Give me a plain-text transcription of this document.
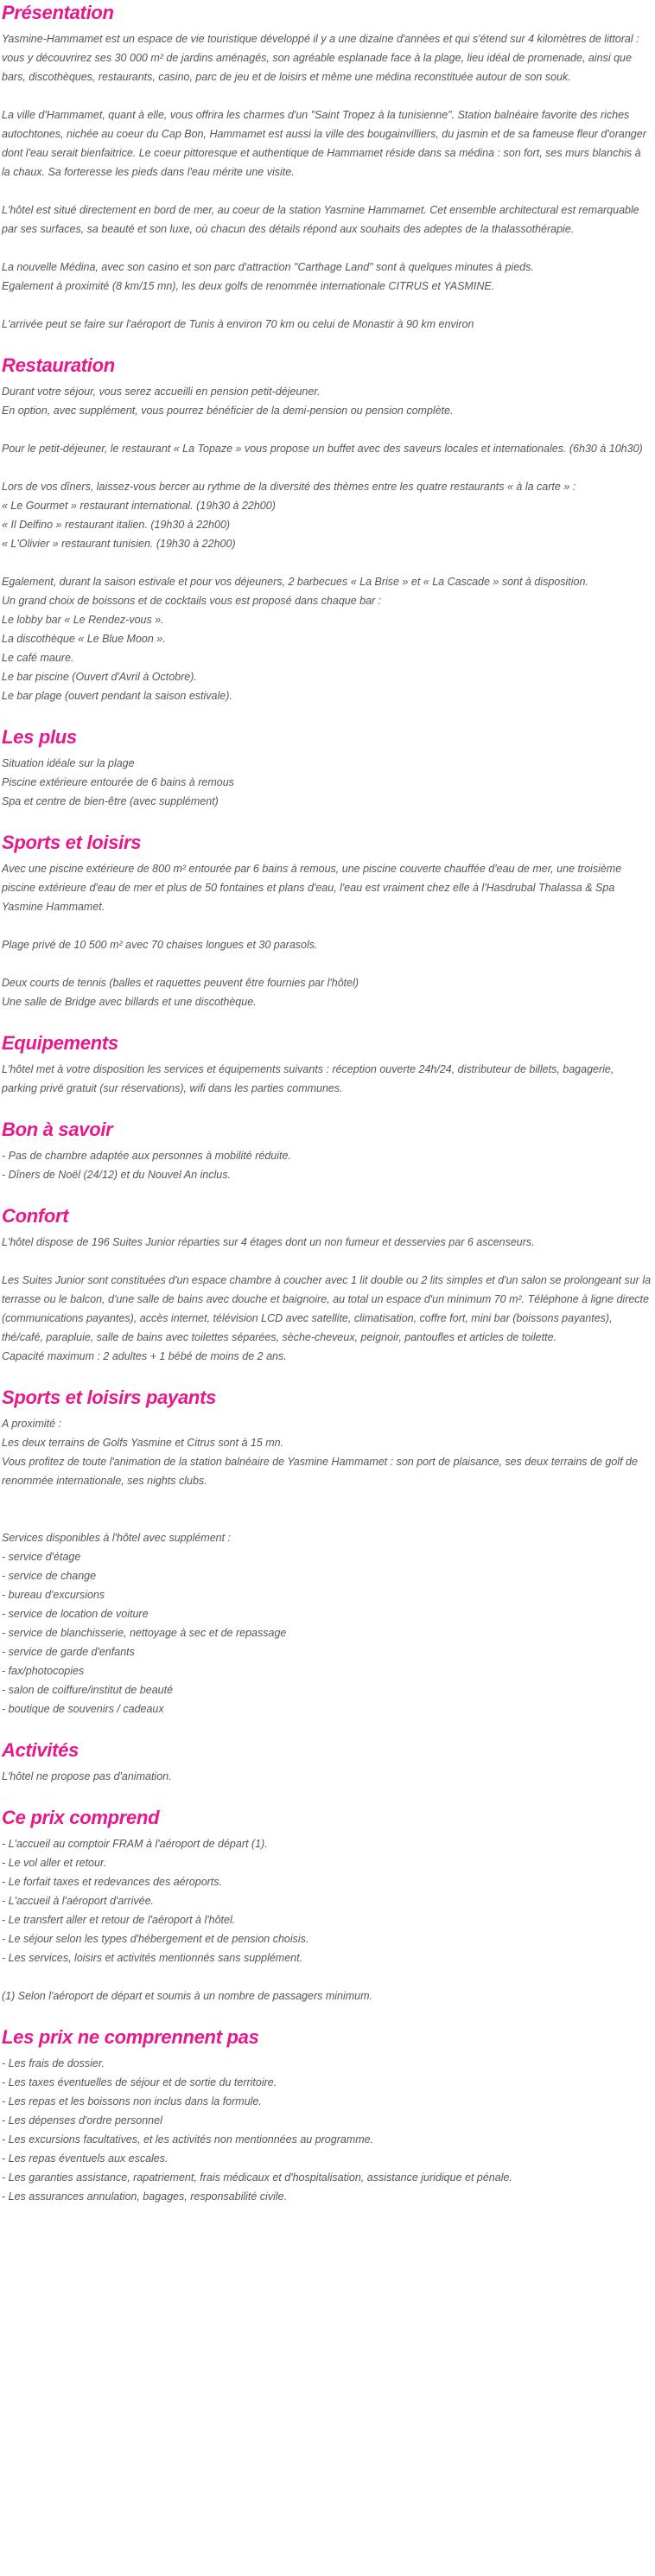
Présentation
Yasmine-Hammamet est un espace de vie touristique développé il y a une dizaine d'années et qui s'étend sur 4 kilomètres de littoral : vous y découvrirez ses 30 000 m² de jardins aménagés, son agréable esplanade face à la plage, lieu idéal de promenade, ainsi que bars, discothèques, restaurants, casino, parc de jeu et de loisirs et même une médina reconstituée autour de son souk.

La ville d'Hammamet, quant à elle, vous offrira les charmes d'un "Saint Tropez à la tunisienne". Station balnéaire favorite des riches autochtones, nichée au coeur du Cap Bon, Hammamet est aussi la ville des bougainvilliers, du jasmin et de sa fameuse fleur d'oranger dont l'eau serait bienfaitrice. Le coeur pittoresque et authentique de Hammamet réside dans sa médina : son fort, ses murs blanchis à la chaux. Sa forteresse les pieds dans l'eau mérite une visite.

L'hôtel est situé directement en bord de mer, au coeur de la station Yasmine Hammamet. Cet ensemble architectural est remarquable par ses surfaces, sa beauté et son luxe, où chacun des détails répond aux souhaits des adeptes de la thalassothérapie.

La nouvelle Médina, avec son casino et son parc d'attraction "Carthage Land" sont à quelques minutes à pieds.
Egalement à proximité (8 km/15 mn), les deux golfs de renommée internationale CITRUS et YASMINE.

L'arrivée peut se faire sur l'aéroport de Tunis à environ 70 km ou celui de Monastir à 90 km environ
Restauration
Durant votre séjour, vous serez accueilli en pension petit-déjeuner.
En option, avec supplément, vous pourrez bénéficier de la demi-pension ou pension complète.

Pour le petit-déjeuner, le restaurant « La Topaze » vous propose un buffet avec des saveurs locales et internationales. (6h30 à 10h30)

Lors de vos dîners, laissez-vous bercer au rythme de la diversité des thèmes entre les quatre restaurants « à la carte » :
« Le Gourmet » restaurant international. (19h30 à 22h00)
« Il Delfino » restaurant italien. (19h30 à 22h00)
« L'Olivier » restaurant tunisien. (19h30 à 22h00)

Egalement, durant la saison estivale et pour vos déjeuners, 2 barbecues « La Brise » et « La Cascade » sont à disposition.
Un grand choix de boissons et de cocktails vous est proposé dans chaque bar :
Le lobby bar « Le Rendez-vous ».
La discothèque « Le Blue Moon ».
Le café maure.
Le bar piscine (Ouvert d'Avril à Octobre).
Le bar plage (ouvert pendant la saison estivale).
Les plus
Situation idéale sur la plage
Piscine extérieure entourée de 6 bains à remous
Spa et centre de bien-être (avec supplément)
Sports et loisirs
Avec une piscine extérieure de 800 m² entourée par 6 bains à remous, une piscine couverte chauffée d'eau de mer, une troisième piscine extérieure d'eau de mer et plus de 50 fontaines et plans d'eau, l'eau est vraiment chez elle à l'Hasdrubal Thalassa & Spa Yasmine Hammamet.

Plage privé de 10 500 m² avec 70 chaises longues et 30 parasols.

Deux courts de tennis (balles et raquettes peuvent être fournies par l'hôtel)
Une salle de Bridge avec billards et une discothèque.
Equipements
L'hôtel met à votre disposition les services et équipements suivants : réception ouverte 24h/24, distributeur de billets, bagagerie, parking privé gratuit (sur réservations), wifi dans les parties communes.
Bon à savoir
- Pas de chambre adaptée aux personnes à mobilité réduite.
- Dîners de Noël (24/12) et du Nouvel An inclus.
Confort
L'hôtel dispose de 196 Suites Junior réparties sur 4 étages dont un non fumeur et desservies par 6 ascenseurs.

Les Suites Junior sont constituées d'un espace chambre à coucher avec 1 lit double ou 2 lits simples et d'un salon se prolongeant sur la terrasse ou le balcon, d'une salle de bains avec douche et baignoire, au total un espace d'un minimum 70 m². Téléphone à ligne directe (communications payantes), accès internet, télévision LCD avec satellite, climatisation, coffre fort, mini bar (boissons payantes), thé/café, parapluie, salle de bains avec toilettes séparées, sèche-cheveux, peignoir, pantoufles et articles de toilette.
Capacité maximum : 2 adultes + 1 bébé de moins de 2 ans.
Sports et loisirs payants
A proximité :
Les deux terrains de Golfs Yasmine et Citrus sont à 15 mn.
Vous profitez de toute l'animation de la station balnéaire de Yasmine Hammamet : son port de plaisance, ses deux terrains de golf de renommée internationale, ses nights clubs.

Services disponibles à l'hôtel avec supplément :
- service d'étage
- service de change
- bureau d'excursions
- service de location de voiture
- service de blanchisserie, nettoyage à sec et de repassage
- service de garde d'enfants
- fax/photocopies
- salon de coiffure/institut de beauté
- boutique de souvenirs / cadeaux
Activités
L'hôtel ne propose pas d'animation.
Ce prix comprend
- L'accueil au comptoir FRAM à l'aéroport de départ (1).
- Le vol aller et retour.
- Le forfait taxes et redevances des aéroports.
- L'accueil à l'aéroport d'arrivée.
- Le transfert aller et retour de l'aéroport à l'hôtel.
- Le séjour selon les types d'hébergement et de pension choisis.
- Les services, loisirs et activités mentionnés sans supplément.

(1) Selon l'aéroport de départ et soumis à un nombre de passagers minimum.
Les prix ne comprennent pas
- Les frais de dossier.
- Les taxes éventuelles de séjour et de sortie du territoire.
- Les repas et les boissons non inclus dans la formule.
- Les dépenses d'ordre personnel
- Les excursions facultatives, et les activités non mentionnées au programme.
- Les repas éventuels aux escales.
- Les garanties assistance, rapatriement, frais médicaux et d'hospitalisation, assistance juridique et pénale.
- Les assurances annulation, bagages, responsabilité civile.
